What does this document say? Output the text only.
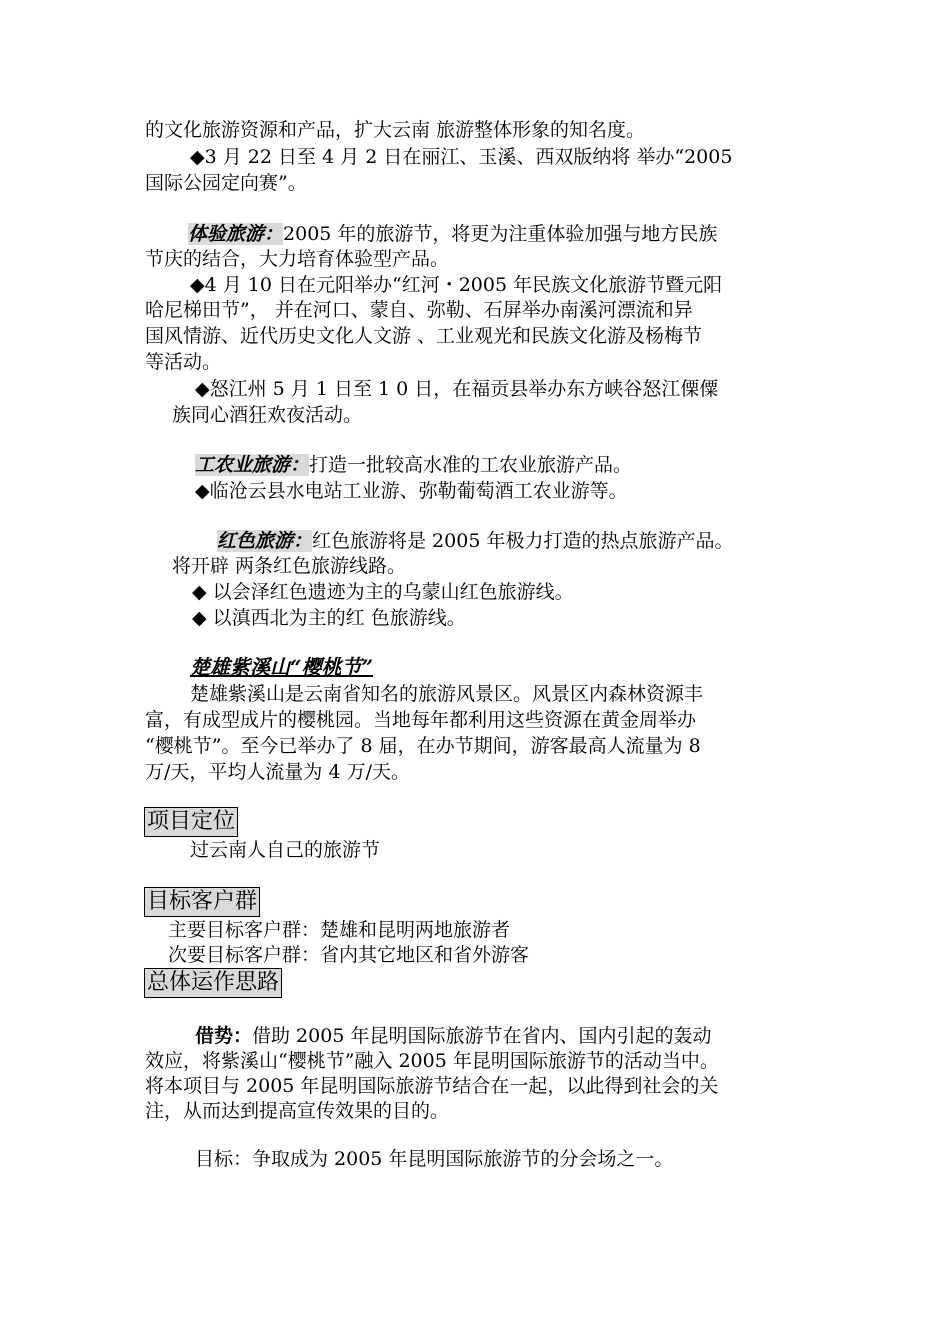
的文化旅游资源和产品，扩大云南 旅游整体形象的知名度。
◆3 月 22 日至 4 月 2 日在丽江、玉溪、西双版纳将 举办“2005
国际公园定向赛”。
体验旅游：2005 年的旅游节，将更为注重体验加强与地方民族
节庆的结合，大力培育体验型产品。
◆4 月 10 日在元阳举办“红河・2005 年民族文化旅游节暨元阳
哈尼梯田节”， 并在河口、蒙自、弥勒、石屏举办南溪河漂流和异
国风情游、近代历史文化人文游 、工业观光和民族文化游及杨梅节
等活动。
◆怒江州 5 月 1 日至 1 0 日，在福贡县举办东方峡谷怒江傈僳
族同心酒狂欢夜活动。
工农业旅游：打造一批较高水准的工农业旅游产品。
◆临沧云县水电站工业游、弥勒葡萄酒工农业游等。
红色旅游：红色旅游将是 2005 年极力打造的热点旅游产品。
将开辟 两条红色旅游线路。
◆ 以会泽红色遗迹为主的乌蒙山红色旅游线。
◆ 以滇西北为主的红 色旅游线。
楚雄紫溪山“樱桃节”
楚雄紫溪山是云南省知名的旅游风景区。风景区内森林资源丰
富，有成型成片的樱桃园。当地每年都利用这些资源在黄金周举办
“樱桃节”。至今已举办了 8 届，在办节期间，游客最高人流量为 8
万/天，平均人流量为 4 万/天。
项目定位
过云南人自己的旅游节
目标客户群
主要目标客户群：楚雄和昆明两地旅游者
次要目标客户群：省内其它地区和省外游客
总体运作思路
借势：借助 2005 年昆明国际旅游节在省内、国内引起的轰动
效应，将紫溪山“樱桃节”融入 2005 年昆明国际旅游节的活动当中。
将本项目与 2005 年昆明国际旅游节结合在一起，以此得到社会的关
注，从而达到提高宣传效果的目的。
目标：争取成为 2005 年昆明国际旅游节的分会场之一。
